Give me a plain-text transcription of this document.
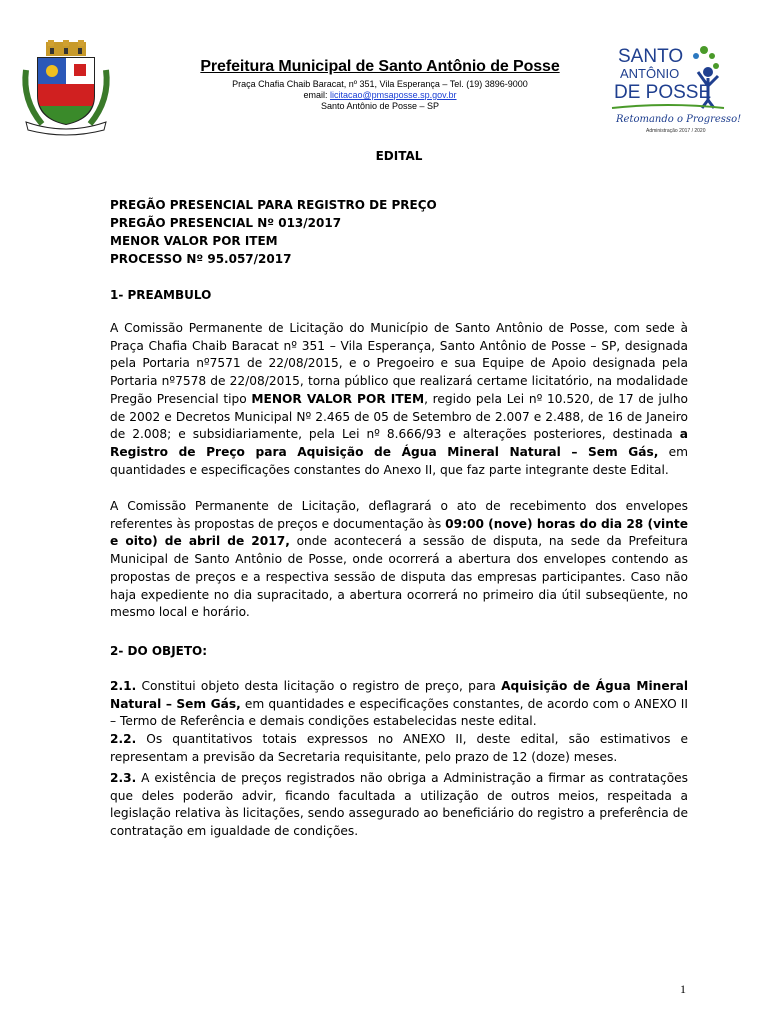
Prefeitura Municipal de Santo Antônio de Posse
Praça Chafia Chaib Baracat, nº 351, Vila Esperança – Tel. (19) 3896-9000
email: licitacao@pmsaposse.sp.gov.br
Santo Antônio de Posse – SP
SANTO
ANTÔNIO
DE POSSE
Retomando o Progresso!
Administração 2017 / 2020
EDITAL
PREGÃO PRESENCIAL PARA REGISTRO DE PREÇO
PREGÃO PRESENCIAL Nº 013/2017
MENOR VALOR POR ITEM
PROCESSO Nº 95.057/2017
1- PREAMBULO
A Comissão Permanente de Licitação do Município de Santo Antônio de Posse, com sede à Praça Chafia Chaib Baracat nº 351 – Vila Esperança, Santo Antônio de Posse – SP, designada pela Portaria nº7571 de 22/08/2015, e o Pregoeiro e sua Equipe de Apoio designada pela Portaria nº7578 de 22/08/2015, torna público que realizará certame licitatório, na modalidade Pregão Presencial tipo MENOR VALOR POR ITEM, regido pela Lei nº 10.520, de 17 de julho de 2002 e Decretos Municipal Nº 2.465 de 05 de Setembro de 2.007 e 2.488, de 16 de Janeiro de 2.008; e subsidiariamente, pela Lei nº 8.666/93 e alterações posteriores, destinada a Registro de Preço para Aquisição de Água Mineral Natural – Sem Gás, em quantidades e especificações constantes do Anexo II, que faz parte integrante deste Edital.
A Comissão Permanente de Licitação, deflagrará o ato de recebimento dos envelopes referentes às propostas de preços e documentação às 09:00 (nove) horas do dia 28 (vinte e oito) de abril de 2017, onde acontecerá a sessão de disputa, na sede da Prefeitura Municipal de Santo Antônio de Posse, onde ocorrerá a abertura dos envelopes contendo as propostas de preços e a respectiva sessão de disputa das empresas participantes. Caso não haja expediente no dia supracitado, a abertura ocorrerá no primeiro dia útil subseqüente, no mesmo local e horário.
2- DO OBJETO:
2.1. Constitui objeto desta licitação o registro de preço, para Aquisição de Água Mineral Natural – Sem Gás, em quantidades e especificações constantes, de acordo com o ANEXO II – Termo de Referência e demais condições estabelecidas neste edital.
2.2. Os quantitativos totais expressos no ANEXO II, deste edital, são estimativos e representam a previsão da Secretaria requisitante, pelo prazo de 12 (doze) meses.
2.3. A existência de preços registrados não obriga a Administração a firmar as contratações que deles poderão advir, ficando facultada a utilização de outros meios, respeitada a legislação relativa às licitações, sendo assegurado ao beneficiário do registro a preferência de contratação em igualdade de condições.
1
